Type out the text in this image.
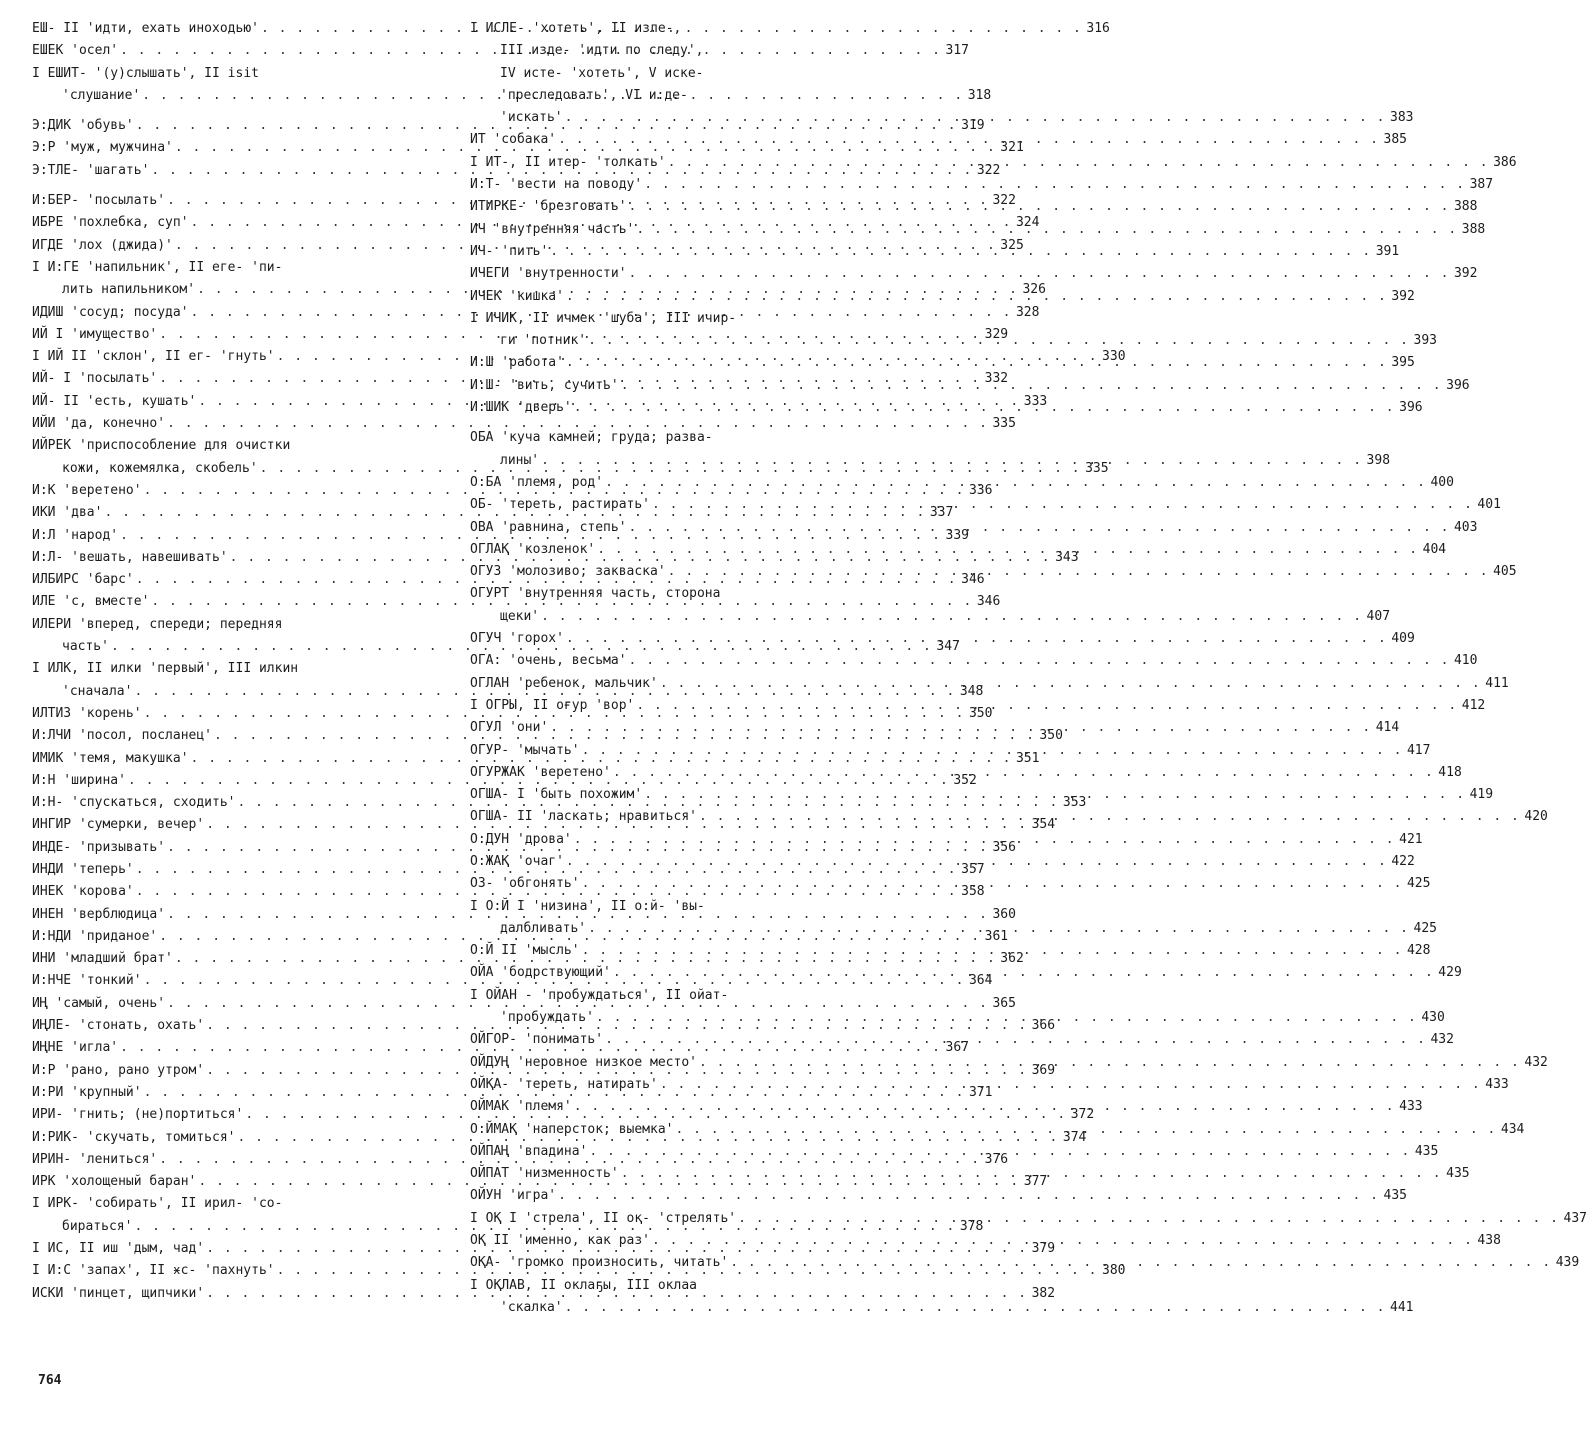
ЕШ- II 'идти, ехать иноходью' . . .	316
ЕШЕК 'осел' . . .	317
I ЕШИТ- '(у)слышать', II isit
'слушание' . . .	318
Э:ДИК 'обувь' . . .	319
Э:Р 'муж, мужчина' . . .	321
Э:ТЛЕ- 'шагать' . . .	322
И:БЕР- 'посылать' . . .	322
ИБРЕ 'похлебка, суп' . . .	324
ИГДЕ 'лох (джида)' . . .	325
I И:ГЕ 'напильник', II еге- 'пи-
лить напильником' . . .	326
ИДИШ 'сосуд; посуда' . . .	328
ИЙ I 'имущество' . . .	329
I ИЙ II 'склон', II ег- 'гнуть' . . .	330
ИЙ- I 'посылать' . . .	332
ИЙ- II 'есть, кушать' . . .	333
ИЙИ 'да, конечно' . . .	335
ИЙРЕК 'приспособление для очистки
кожи, кожемялка, скобель' . . .	335
И:К 'веретено' . . .	336
ИКИ 'два' . . .	337
И:Л 'народ' . . .	339
И:Л- 'вешать, навешивать' . . .	343
ИЛБИРС 'барс' . . .	346
ИЛЕ 'с, вместе' . . .	346
ИЛЕРИ 'вперед, спереди; передняя
часть' . . .	347
I ИЛК, II илки 'первый', III илкин
'сначала' . . .	348
ИЛТИЗ 'корень' . . .	350
И:ЛЧИ 'посол, посланец' . . .	350
ИМИК 'темя, макушка' . . .	351
И:Н 'ширина' . . .	352
И:Н- 'спускаться, сходить' . . .	353
ИНГИР 'сумерки, вечер' . . .	354
ИНДЕ- 'призывать' . . .	356
ИНДИ 'теперь' . . .	357
ИНЕК 'корова' . . .	358
ИНЕН 'верблюдица' . . .	360
И:НДИ 'приданое' . . .	361
ИНИ 'младший брат' . . .	362
И:НЧЕ 'тонкий' . . .	364
ИҢ 'самый, очень' . . .	365
ИҢЛЕ- 'стонать, охать' . . .	366
ИҢНЕ 'игла' . . .	367
И:Р 'рано, рано утром' . . .	369
И:РИ 'крупный' . . .	371
ИРИ- 'гнить; (не)портиться' . . .	372
И:РИК- 'скучать, томиться' . . .	374
ИРИН- 'лениться' . . .	376
ИРК 'холощеный баран' . . .	377
I ИРК- 'собирать', II ирил- 'со-
бираться' . . .	378
I ИС, II иш 'дым, чад' . . .	379
I И:С 'запах', II ӿс- 'пахнуть' . . .	380
ИСКИ 'пинцет, щипчики' . . .	382
I ИСЛЕ- 'хотеть', II изле-,
III изде- 'идти по следу',
IV исте- 'хотеть', V иске-
'преследовать', VI и:де-
'искать' . . .	383
ИТ 'собака' . . .	385
I ИТ-, II итер- 'толкать' . . .	386
И:Т- 'вести на поводу' . . .	387
ИТИРКЕ- 'брезговать' . . .	388
ИЧ 'внутренняя часть' . . .	388
ИЧ- 'пить' . . .	391
ИЧЕГИ 'внутренности' . . .	392
ИЧЕК 'кишка' . . .	392
I ИЧИК, II ичмек 'шуба', III ичир-
ги 'потник' . . .	393
И:Ш 'работа' . . .	395
И:Ш- 'вить, сучить' . . .	396
И:ШИК 'дверь' . . .	396
ОБА 'куча камней; груда; разва-
лины' . . .	398
О:БА 'племя, род' . . .	400
ОБ- 'тереть, растирать' . . .	401
ОВА 'равнина, степь' . . .	403
ОГЛАҚ 'козленок' . . .	404
ОГУЗ 'молозиво; закваска' . . .	405
ОГУРТ 'внутренняя часть, сторона
щеки' . . .	407
ОГУЧ 'горох' . . .	409
ОГА: 'очень, весьма' . . .	410
ОГЛАН 'ребенок, мальчик' . . .	411
I ОГРЫ, II оғур 'вор' . . .	412
ОГУЛ 'они' . . .	414
ОГУР- 'мычать' . . .	417
ОГУРЖАК 'веретено' . . .	418
ОГША- I 'быть похожим' . . .	419
ОГША- II 'ласкать; нравиться' . . .	420
О:ДУН 'дрова' . . .	421
О:ЖАҚ 'очаг' . . .	422
ОЗ- 'обгонять' . . .	425
I О:Й I 'низина', II о:й- 'вы-
далбливать' . . .	425
О:Й II 'мысль' . . .	428
ОЙА 'бодрствующий' . . .	429
I ОЙАН - 'пробуждаться', II ойат-
'пробуждать' . . .	430
ОЙГОР- 'понимать' . . .	432
ОЙДУҢ 'неровное низкое место' . . .	432
ОЙҚА- 'тереть, натирать' . . .	433
ОЙМАК 'племя' . . .	433
О:ЙМАҚ 'наперсток; выемка' . . .	434
ОЙПАҢ 'впадина' . . .	435
ОЙПАТ 'низменность' . . .	435
ОЙУН 'игра' . . .	435
I ОҚ I 'стрела', II оқ- 'стрелять' . . .	437
ОҚ II 'именно, как раз' . . .	438
ОҚА- 'громко произносить, читать' . . .	439
I ОҚЛАВ, II оклаҕы, III оклаа
'скалка' . . .	441
764
